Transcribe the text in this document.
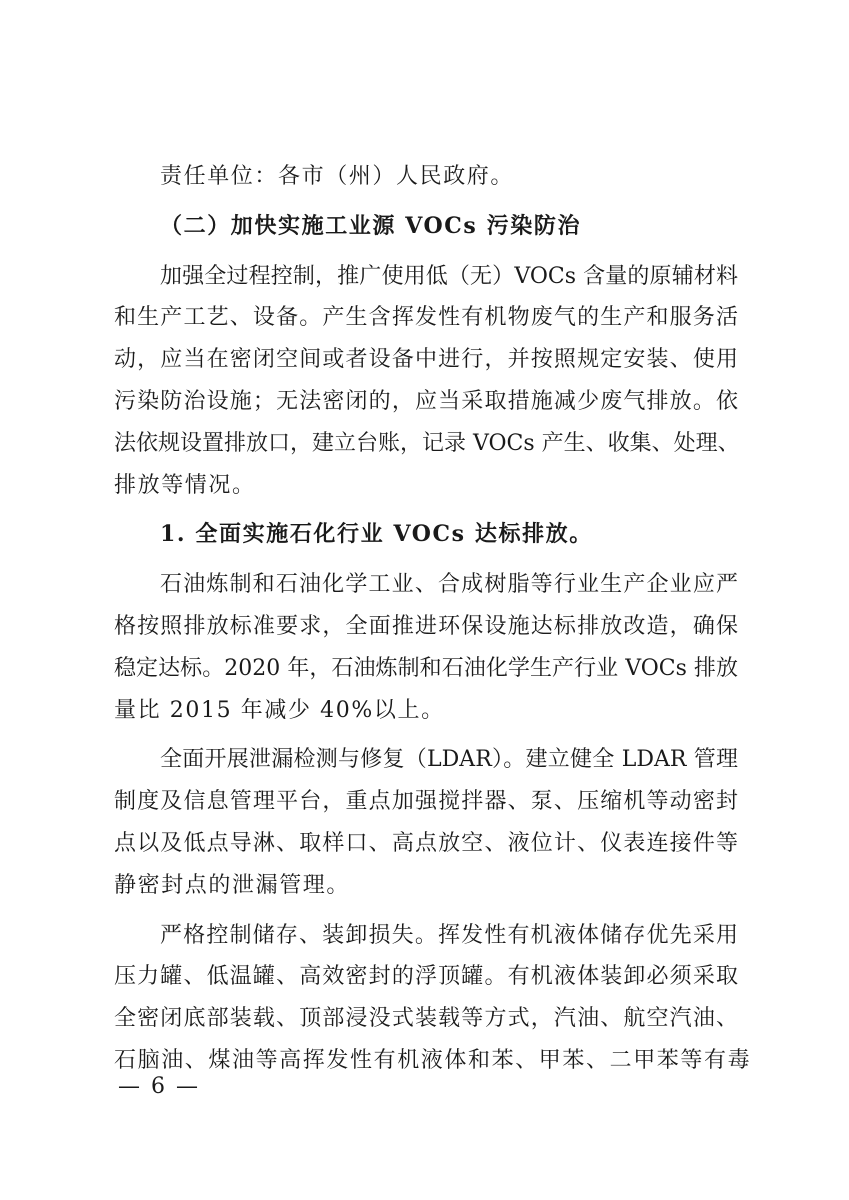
责任单位：各市（州）人民政府。
（二）加快实施工业源 VOCs 污染防治
加强全过程控制，推广使用低（无）VOCs 含量的原辅材料
和生产工艺、设备。产生含挥发性有机物废气的生产和服务活
动，应当在密闭空间或者设备中进行，并按照规定安装、使用
污染防治设施；无法密闭的，应当采取措施减少废气排放。依
法依规设置排放口，建立台账，记录 VOCs 产生、收集、处理、
排放等情况。
1. 全面实施石化行业 VOCs 达标排放。
石油炼制和石油化学工业、合成树脂等行业生产企业应严
格按照排放标准要求，全面推进环保设施达标排放改造，确保
稳定达标。2020 年，石油炼制和石油化学生产行业 VOCs 排放
量比 2015 年减少 40%以上。
全面开展泄漏检测与修复（LDAR）。建立健全 LDAR 管理
制度及信息管理平台，重点加强搅拌器、泵、压缩机等动密封
点以及低点导淋、取样口、高点放空、液位计、仪表连接件等
静密封点的泄漏管理。
严格控制储存、装卸损失。挥发性有机液体储存优先采用
压力罐、低温罐、高效密封的浮顶罐。有机液体装卸必须采取
全密闭底部装载、顶部浸没式装载等方式，汽油、航空汽油、
石脑油、煤油等高挥发性有机液体和苯、甲苯、二甲苯等有毒
— 6 —
